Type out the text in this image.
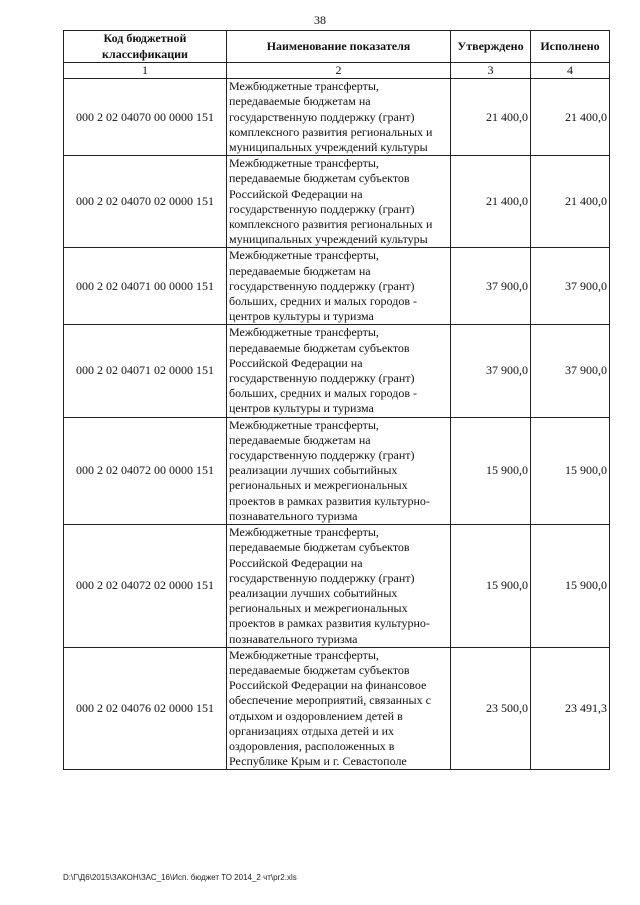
38
Код бюджетной классификации	Наименование показателя	Утверждено	Исполнено
1	2	3	4
000 2 02 04070 00 0000 151	Межбюджетные трансферты, передаваемые бюджетам на государственную поддержку (грант) комплексного развития региональных и муниципальных учреждений культуры	21 400,0	21 400,0
000 2 02 04070 02 0000 151	Межбюджетные трансферты, передаваемые бюджетам субъектов Российской Федерации на государственную поддержку (грант) комплексного развития региональных и муниципальных учреждений культуры	21 400,0	21 400,0
000 2 02 04071 00 0000 151	Межбюджетные трансферты, передаваемые бюджетам на государственную поддержку (грант) больших, средних и малых городов - центров культуры и туризма	37 900,0	37 900,0
000 2 02 04071 02 0000 151	Межбюджетные трансферты, передаваемые бюджетам субъектов Российской Федерации на государственную поддержку (грант) больших, средних и малых городов - центров культуры и туризма	37 900,0	37 900,0
000 2 02 04072 00 0000 151	Межбюджетные трансферты, передаваемые бюджетам на государственную поддержку (грант) реализации лучших событийных региональных и межрегиональных проектов в рамках развития культурно-познавательного туризма	15 900,0	15 900,0
000 2 02 04072 02 0000 151	Межбюджетные трансферты, передаваемые бюджетам субъектов Российской Федерации на государственную поддержку (грант) реализации лучших событийных региональных и межрегиональных проектов в рамках развития культурно-познавательного туризма	15 900,0	15 900,0
000 2 02 04076 02 0000 151	Межбюджетные трансферты, передаваемые бюджетам субъектов Российской Федерации на финансовое обеспечение мероприятий, связанных с отдыхом и оздоровлением детей в организациях отдыха детей и их оздоровления, расположенных в Республике Крым и г. Севастополе	23 500,0	23 491,3
D:\Г\Д6\2015\ЗАКОН\ЗАС_16\Исп. бюджет ТО 2014_2 чт\pr2.xls
